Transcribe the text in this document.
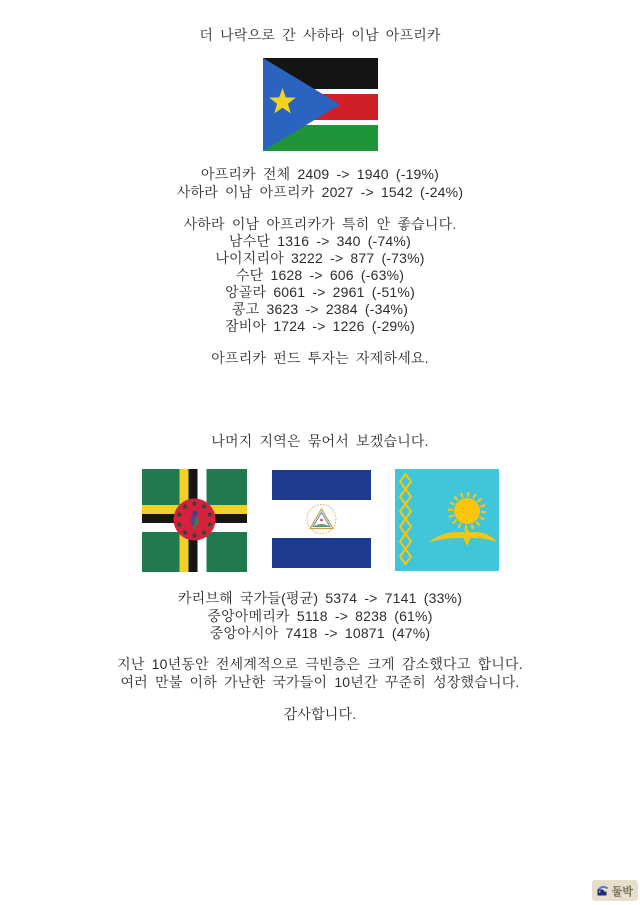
더 나락으로 간 사하라 이남 아프리카
아프리카 전체 2409 -> 1940 (-19%)
사하라 이남 아프리카 2027 -> 1542 (-24%)
사하라 이남 아프리카가 특히 안 좋습니다.
남수단 1316 -> 340 (-74%)
나이지리아 3222 -> 877 (-73%)
수단 1628 -> 606 (-63%)
앙골라 6061 -> 2961 (-51%)
콩고 3623 -> 2384 (-34%)
잠비아 1724 -> 1226 (-29%)
아프리카 펀드 투자는 자제하세요.
나머지 지역은 묶어서 보겠습니다.
카리브해 국가들(평균) 5374 -> 7141 (33%)
중앙아메리카 5118 -> 8238 (61%)
중앙아시아 7418 -> 10871 (47%)
지난 10년동안 전세계적으로 극빈층은 크게 감소했다고 합니다.
여러 만불 이하 가난한 국가들이 10년간 꾸준히 성장했습니다.
감사합니다.
둘박
